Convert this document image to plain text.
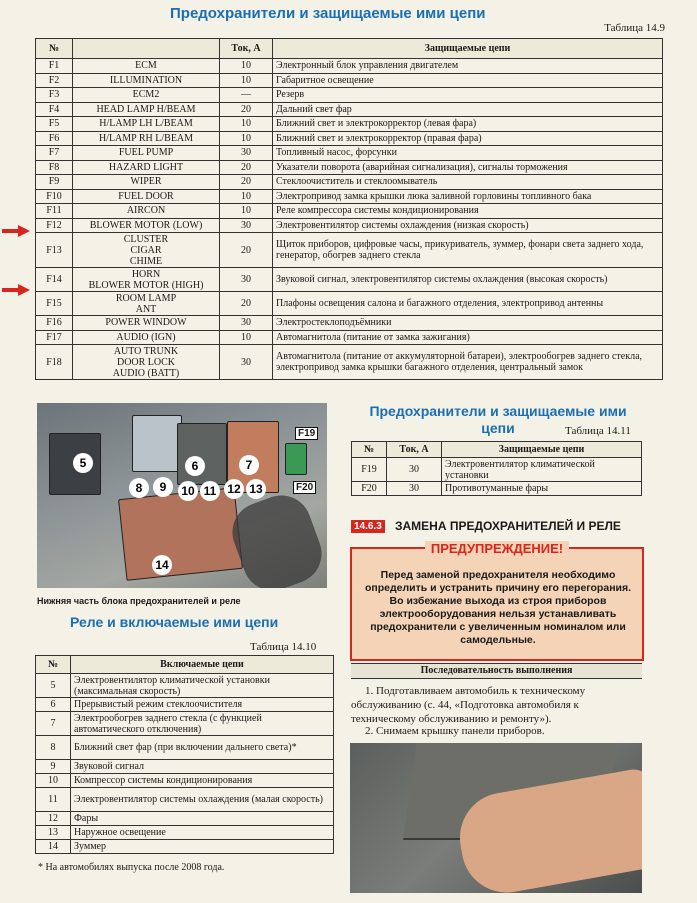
Предохранители и защищаемые ими цепи
Таблица 14.9
№		Ток, А	Защищаемые цепи
F1	ECM	10	Электронный блок управления двигателем
F2	ILLUMINATION	10	Габаритное освещение
F3	ECM2	—	Резерв
F4	HEAD LAMP H/BEAM	20	Дальний свет фар
F5	H/LAMP LH L/BEAM	10	Ближний свет и электрокорректор (левая фара)
F6	H/LAMP RH L/BEAM	10	Ближний свет и электрокорректор (правая фара)
F7	FUEL PUMP	30	Топливный насос, форсунки
F8	HAZARD LIGHT	20	Указатели поворота (аварийная сигнализация), сигналы торможения
F9	WIPER	20	Стеклоочиститель и стеклоомыватель
F10	FUEL DOOR	10	Электропривод замка крышки люка заливной горловины топливного бака
F11	AIRCON	10	Реле компрессора системы кондиционирования
F12	BLOWER MOTOR (LOW)	30	Электровентилятор системы охлаждения (низкая скорость)
F13	CLUSTER
CIGAR
CHIME	20	Щиток приборов, цифровые часы, прикуриватель, зуммер, фонари света заднего хода, генератор, обогрев заднего стекла
F14	HORN
BLOWER MOTOR (HIGH)	30	Звуковой сигнал, электровентилятор системы охлаждения (высокая скорость)
F15	ROOM LAMP
ANT	20	Плафоны освещения салона и багажного отделения, электропривод антенны
F16	POWER WINDOW	30	Электростеклоподъёмники
F17	AUDIO (IGN)	10	Автомагнитола (питание от замка зажигания)
F18	AUTO TRUNK
DOOR LOCK
AUDIO (BATT)	30	Автомагнитола (питание от аккумуляторной батареи), электрообогрев заднего стекла, электропривод замка крышки багажного отделения, центральный замок
5	6	7
8	9	10 11 12 13
14
F19
F20
Нижняя часть блока предохранителей и реле
Реле и включаемые ими цепи
Таблица 14.10
№	Включаемые цепи
5	Электровентилятор климатической установки (максимальная скорость)
6	Прерывистый режим стеклоочистителя
7	Электрообогрев заднего стекла (с функцией автоматического отключения)
8	Ближний свет фар (при включении дальнего света)*
9	Звуковой сигнал
10	Компрессор системы кондиционирования
11	Электровентилятор системы охлаждения (малая скорость)
12	Фары
13	Наружное освещение
14	Зуммер
* На автомобилях выпуска после 2008 года.
Предохранители и защищаемые ими цепи	Таблица 14.11
№	Ток, А	Защищаемые цепи
F19	30	Электровентилятор климатической установки
F20	30	Противотуманные фары
14.6.3 ЗАМЕНА ПРЕДОХРАНИТЕЛЕЙ И РЕЛЕ
ПРЕДУПРЕЖДЕНИЕ!
Перед заменой предохранителя необходимо определить и устранить причину его перегорания. Во избежание выхода из строя приборов электрооборудования нельзя устанавливать предохранители с увеличенным номиналом или самодельные.
Последовательность выполнения
1. Подготавливаем автомобиль к техническому обслуживанию (с. 44, «Подготовка автомобиля к техническому обслуживанию и ремонту»).
2. Снимаем крышку панели приборов.
